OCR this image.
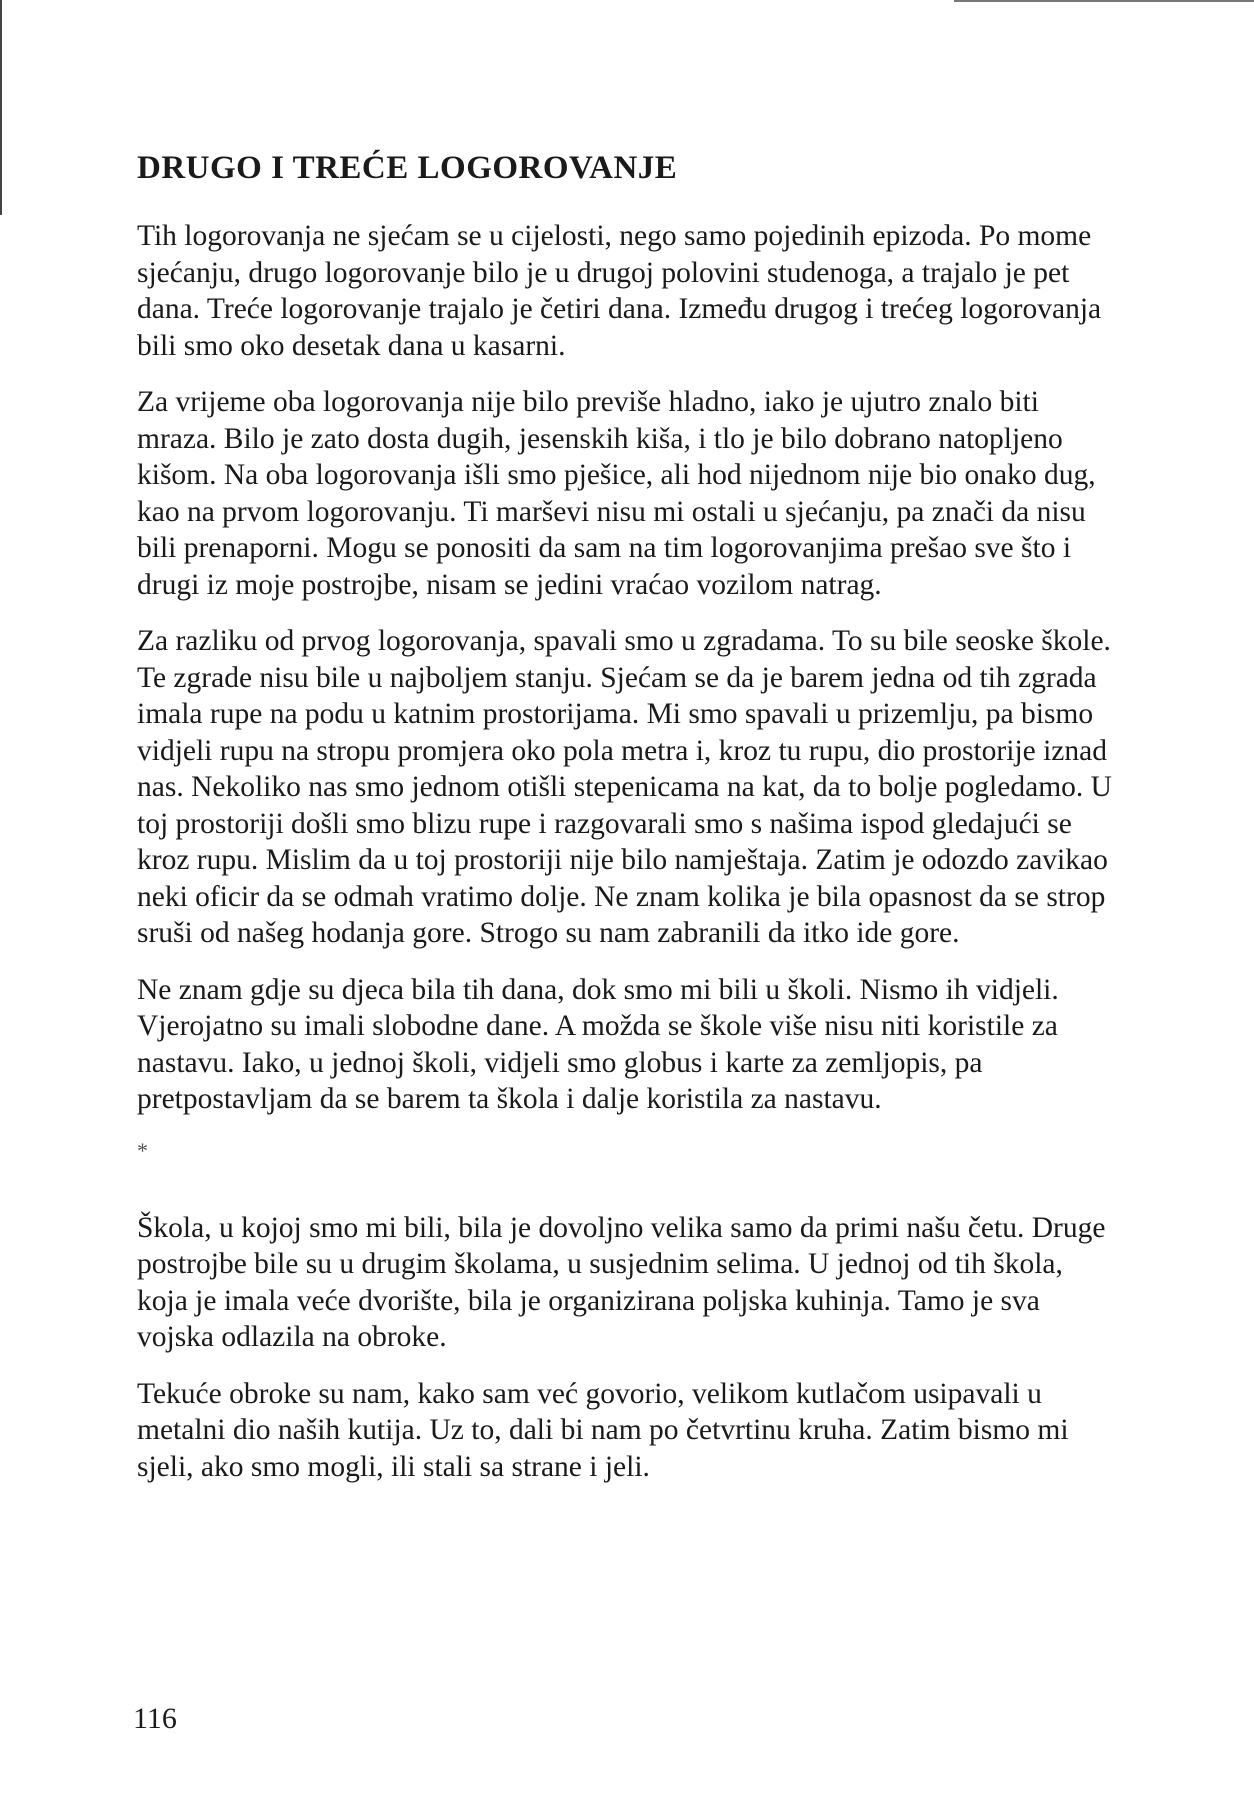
DRUGO I TREĆE LOGOROVANJE

Tih logorovanja ne sjećam se u cijelosti, nego samo pojedinih epizoda. Po mome sjećanju, drugo logorovanje bilo je u drugoj polovini studenoga, a trajalo je pet dana. Treće logorovanje trajalo je četiri dana. Između drugog i trećeg logorovanja bili smo oko desetak dana u kasarni.

Za vrijeme oba logorovanja nije bilo previše hladno, iako je ujutro znalo biti mraza. Bilo je zato dosta dugih, jesenskih kiša, i tlo je bilo dobrano natopljeno kišom. Na oba logorovanja išli smo pješice, ali hod nijednom nije bio onako dug, kao na prvom logorovanju. Ti marševi nisu mi ostali u sjećanju, pa znači da nisu bili prenaporni. Mogu se ponositi da sam na tim logorovanjima prešao sve što i drugi iz moje postrojbe, nisam se jedini vraćao vozilom natrag.

Za razliku od prvog logorovanja, spavali smo u zgradama. To su bile seoske škole. Te zgrade nisu bile u najboljem stanju. Sjećam se da je barem jedna od tih zgrada imala rupe na podu u katnim prostorijama. Mi smo spavali u prizemlju, pa bismo vidjeli rupu na stropu promjera oko pola metra i, kroz tu rupu, dio prostorije iznad nas. Nekoliko nas smo jednom otišli stepenicama na kat, da to bolje pogledamo. U toj prostoriji došli smo blizu rupe i razgovarali smo s našima ispod gledajući se kroz rupu. Mislim da u toj prostoriji nije bilo namještaja. Zatim je odozdo zavikao neki oficir da se odmah vratimo dolje. Ne znam kolika je bila opasnost da se strop sruši od našeg hodanja gore. Strogo su nam zabranili da itko ide gore.

Ne znam gdje su djeca bila tih dana, dok smo mi bili u školi. Nismo ih vidjeli. Vjerojatno su imali slobodne dane. A možda se škole više nisu niti koristile za nastavu. Iako, u jednoj školi, vidjeli smo globus i karte za zemljopis, pa pretpostavljam da se barem ta škola i dalje koristila za nastavu.

*

Škola, u kojoj smo mi bili, bila je dovoljno velika samo da primi našu četu. Druge postrojbe bile su u drugim školama, u susjednim selima. U jednoj od tih škola, koja je imala veće dvorište, bila je organizirana poljska kuhinja. Tamo je sva vojska odlazila na obroke.

Tekuće obroke su nam, kako sam već govorio, velikom kutlačom usipavali u metalni dio naših kutija. Uz to, dali bi nam po četvrtinu kruha. Zatim bismo mi sjeli, ako smo mogli, ili stali sa strane i jeli.

116
